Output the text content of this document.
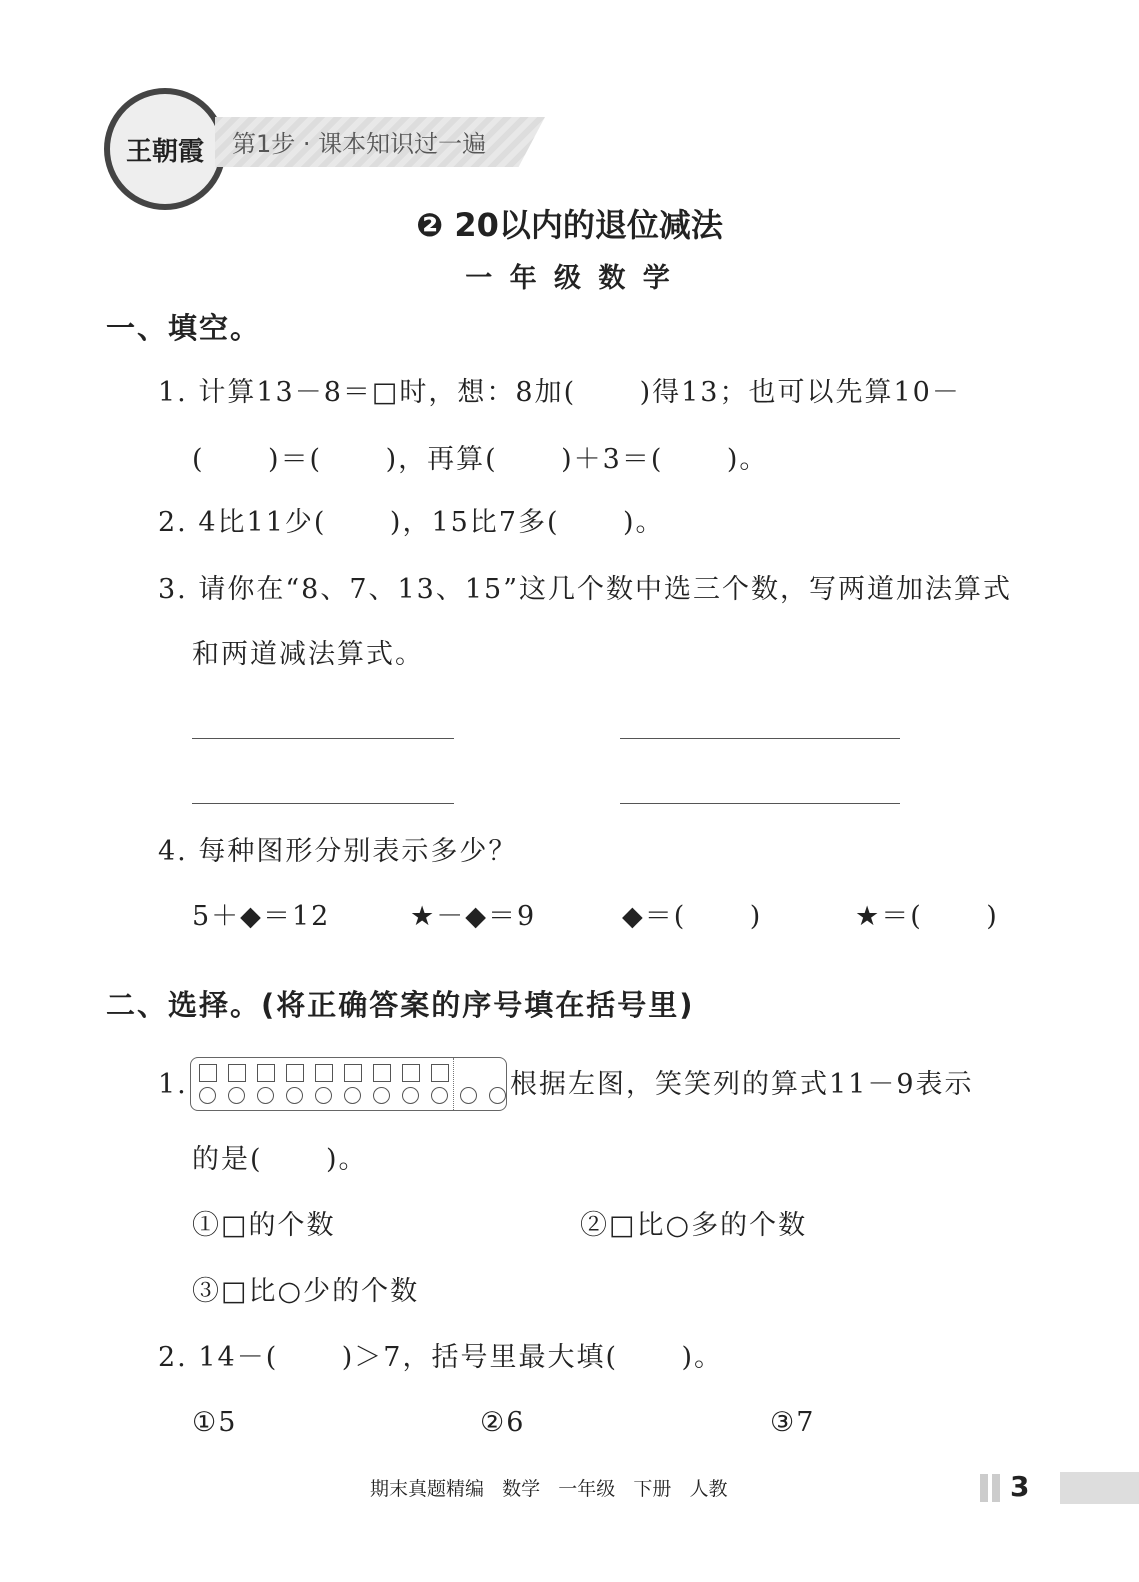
王朝霞 第1步 · 课本知识过一遍
❷ 20以内的退位减法
一 年 级 数 学
一、填空。
1. 计算13－8＝□时，想：8加(      )得13；也可以先算10－
(      )＝(      )，再算(      )＋3＝(      )。
2. 4比11少(      )，15比7多(      )。
3. 请你在“8、7、13、15”这几个数中选三个数，写两道加法算式
和两道减法算式。
4. 每种图形分别表示多少？
5＋◆＝12	★－◆＝9	◆＝(      )	★＝(      )
二、选择。(将正确答案的序号填在括号里)
1.	根据左图，笑笑列的算式11－9表示
的是(      )。
①□的个数	②□比○多的个数
③□比○少的个数
2. 14－(      )＞7，括号里最大填(      )。
①5	②6	③7
期末真题精编   数学   一年级   下册   人教	3
